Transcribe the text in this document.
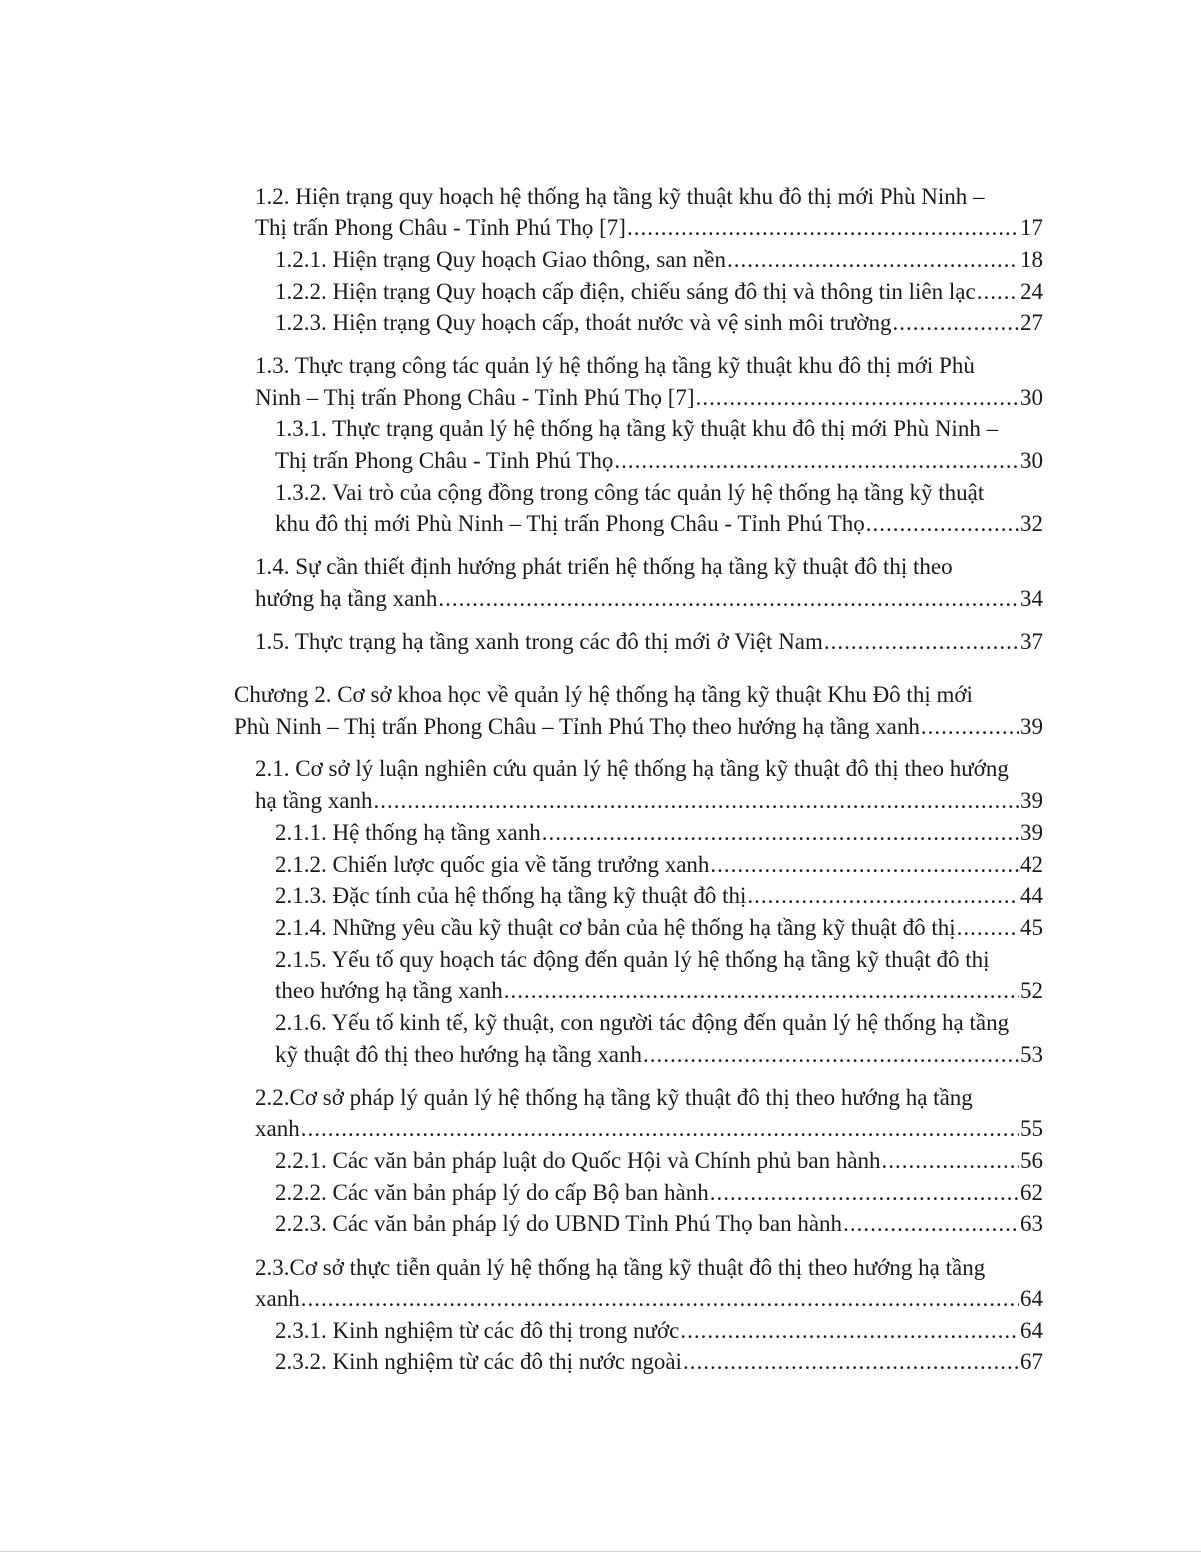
1.2. Hiện trạng quy hoạch hệ thống hạ tầng kỹ thuật khu đô thị mới Phù Ninh –
Thị trấn Phong Châu - Tỉnh Phú Thọ [7] .....	17
1.2.1. Hiện trạng Quy hoạch Giao thông, san nền .....	18
1.2.2. Hiện trạng Quy hoạch cấp điện, chiếu sáng đô thị và thông tin liên lạc ..... 24
1.2.3. Hiện trạng Quy hoạch cấp, thoát nước và vệ sinh môi trường .....	27
1.3. Thực trạng công tác quản lý hệ thống hạ tầng kỹ thuật khu đô thị mới Phù
Ninh – Thị trấn Phong Châu - Tỉnh Phú Thọ [7] .....	30
1.3.1. Thực trạng quản lý hệ thống hạ tầng kỹ thuật khu đô thị mới Phù Ninh –
Thị trấn Phong Châu - Tỉnh Phú Thọ .....	30
1.3.2. Vai trò của cộng đồng trong công tác quản lý hệ thống hạ tầng kỹ thuật
khu đô thị mới Phù Ninh – Thị trấn Phong Châu - Tỉnh Phú Thọ .....	32
1.4. Sự cần thiết định hướng phát triển hệ thống hạ tầng kỹ thuật đô thị theo
hướng hạ tầng xanh .....	34
1.5. Thực trạng hạ tầng xanh trong các đô thị mới ở Việt Nam .....	37
Chương 2. Cơ sở khoa học về quản lý hệ thống hạ tầng kỹ thuật Khu Đô thị mới
Phù Ninh – Thị trấn Phong Châu – Tỉnh Phú Thọ theo hướng hạ tầng xanh .....	39
2.1. Cơ sở lý luận nghiên cứu quản lý hệ thống hạ tầng kỹ thuật đô thị theo hướng
hạ tầng xanh .....	39
2.1.1. Hệ thống hạ tầng xanh .....	39
2.1.2. Chiến lược quốc gia về tăng trưởng xanh .....	42
2.1.3. Đặc tính của hệ thống hạ tầng kỹ thuật đô thị .....	44
2.1.4. Những yêu cầu kỹ thuật cơ bản của hệ thống hạ tầng kỹ thuật đô thị .....	45
2.1.5. Yếu tố quy hoạch tác động đến quản lý hệ thống hạ tầng kỹ thuật đô thị
theo hướng hạ tầng xanh .....	52
2.1.6. Yếu tố kinh tế, kỹ thuật, con người tác động đến quản lý hệ thống hạ tầng
kỹ thuật đô thị theo hướng hạ tầng xanh .....	53
2.2.Cơ sở pháp lý quản lý hệ thống hạ tầng kỹ thuật đô thị theo hướng hạ tầng
xanh .....	55
2.2.1. Các văn bản pháp luật do Quốc Hội và Chính phủ ban hành .....	56
2.2.2. Các văn bản pháp lý do cấp Bộ ban hành .....	62
2.2.3. Các văn bản pháp lý do UBND Tỉnh Phú Thọ ban hành .....	63
2.3.Cơ sở thực tiễn quản lý hệ thống hạ tầng kỹ thuật đô thị theo hướng hạ tầng
xanh .....	64
2.3.1. Kinh nghiệm từ các đô thị trong nước .....	64
2.3.2. Kinh nghiệm từ các đô thị nước ngoài .....	67
